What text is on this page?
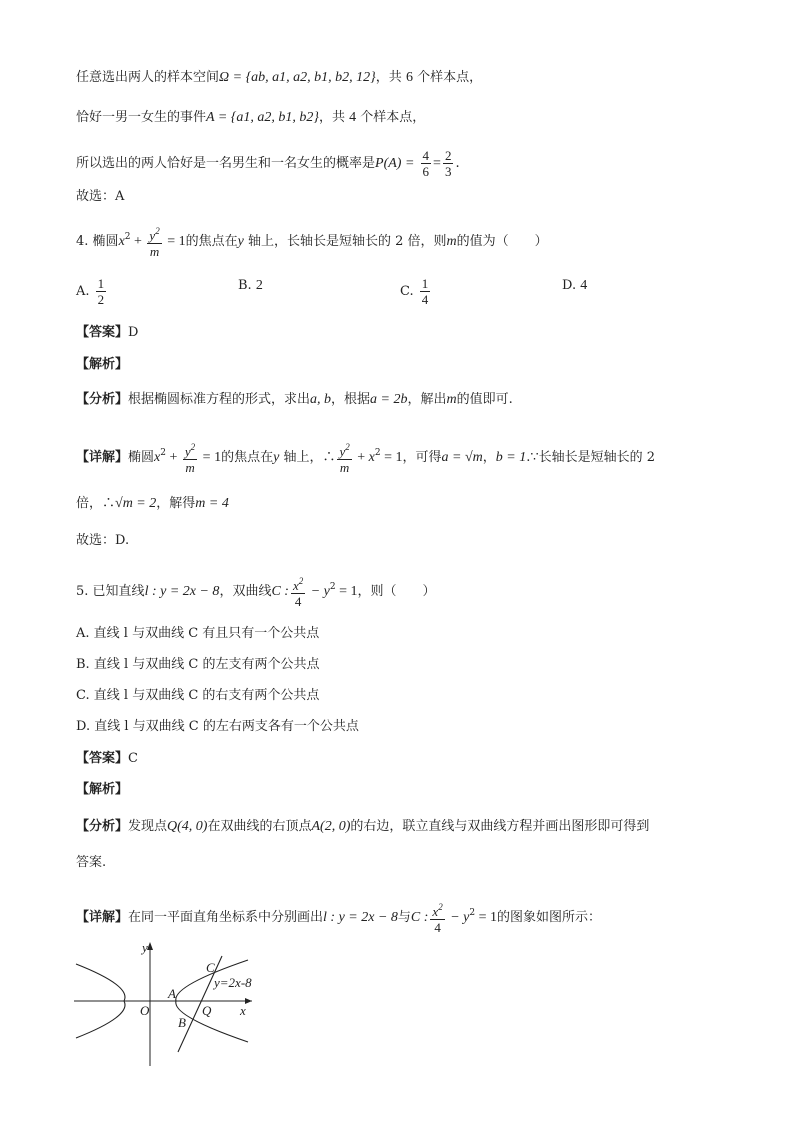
任意选出两人的样本空间Ω = {ab, a1, a2, b1, b2, 12}，共 6 个样本点，
恰好一男一女生的事件A = {a1, a2, b1, b2}，共 4 个样本点，
所以选出的两人恰好是一名男生和一名女生的概率是$P(A) = \frac{4}{6} = \frac{2}{3}$ .
故选：A
4. 椭圆$x^2 + \frac{y^2}{m} = 1$的焦点在y 轴上，长轴长是短轴长的 2 倍，则m的值为（　　）
A. $\frac{1}{2}$	B. 2	C. $\frac{1}{4}$	D. 4
【答案】D
【解析】
【分析】根据椭圆标准方程的形式，求出a, b，根据a = 2b，解出m的值即可.
【详解】椭圆$x^2 + \frac{y^2}{m} = 1$的焦点在y 轴上，∴ $\frac{y^2}{m} + x^2 = 1$，可得a = √m，b = 1.∵长轴长是短轴长的 2
倍，∴√m = 2，解得m = 4
故选：D.
5. 已知直线l : y = 2x − 8，双曲线C : $\frac{x^2}{4} - y^2 = 1$，则（　　）
A. 直线 l 与双曲线 C 有且只有一个公共点
B. 直线 l 与双曲线 C 的左支有两个公共点
C. 直线 l 与双曲线 C 的右支有两个公共点
D. 直线 l 与双曲线 C 的左右两支各有一个公共点
【答案】C
【解析】
【分析】发现点Q(4, 0)在双曲线的右顶点A(2, 0)的右边，联立直线与双曲线方程并画出图形即可得到
答案.
【详解】在同一平面直角坐标系中分别画出l : y = 2x − 8与C : $\frac{x^2}{4} - y^2 = 1$的图象如图所示：
y
x
O
A
B
C
Q
y=2x-8
